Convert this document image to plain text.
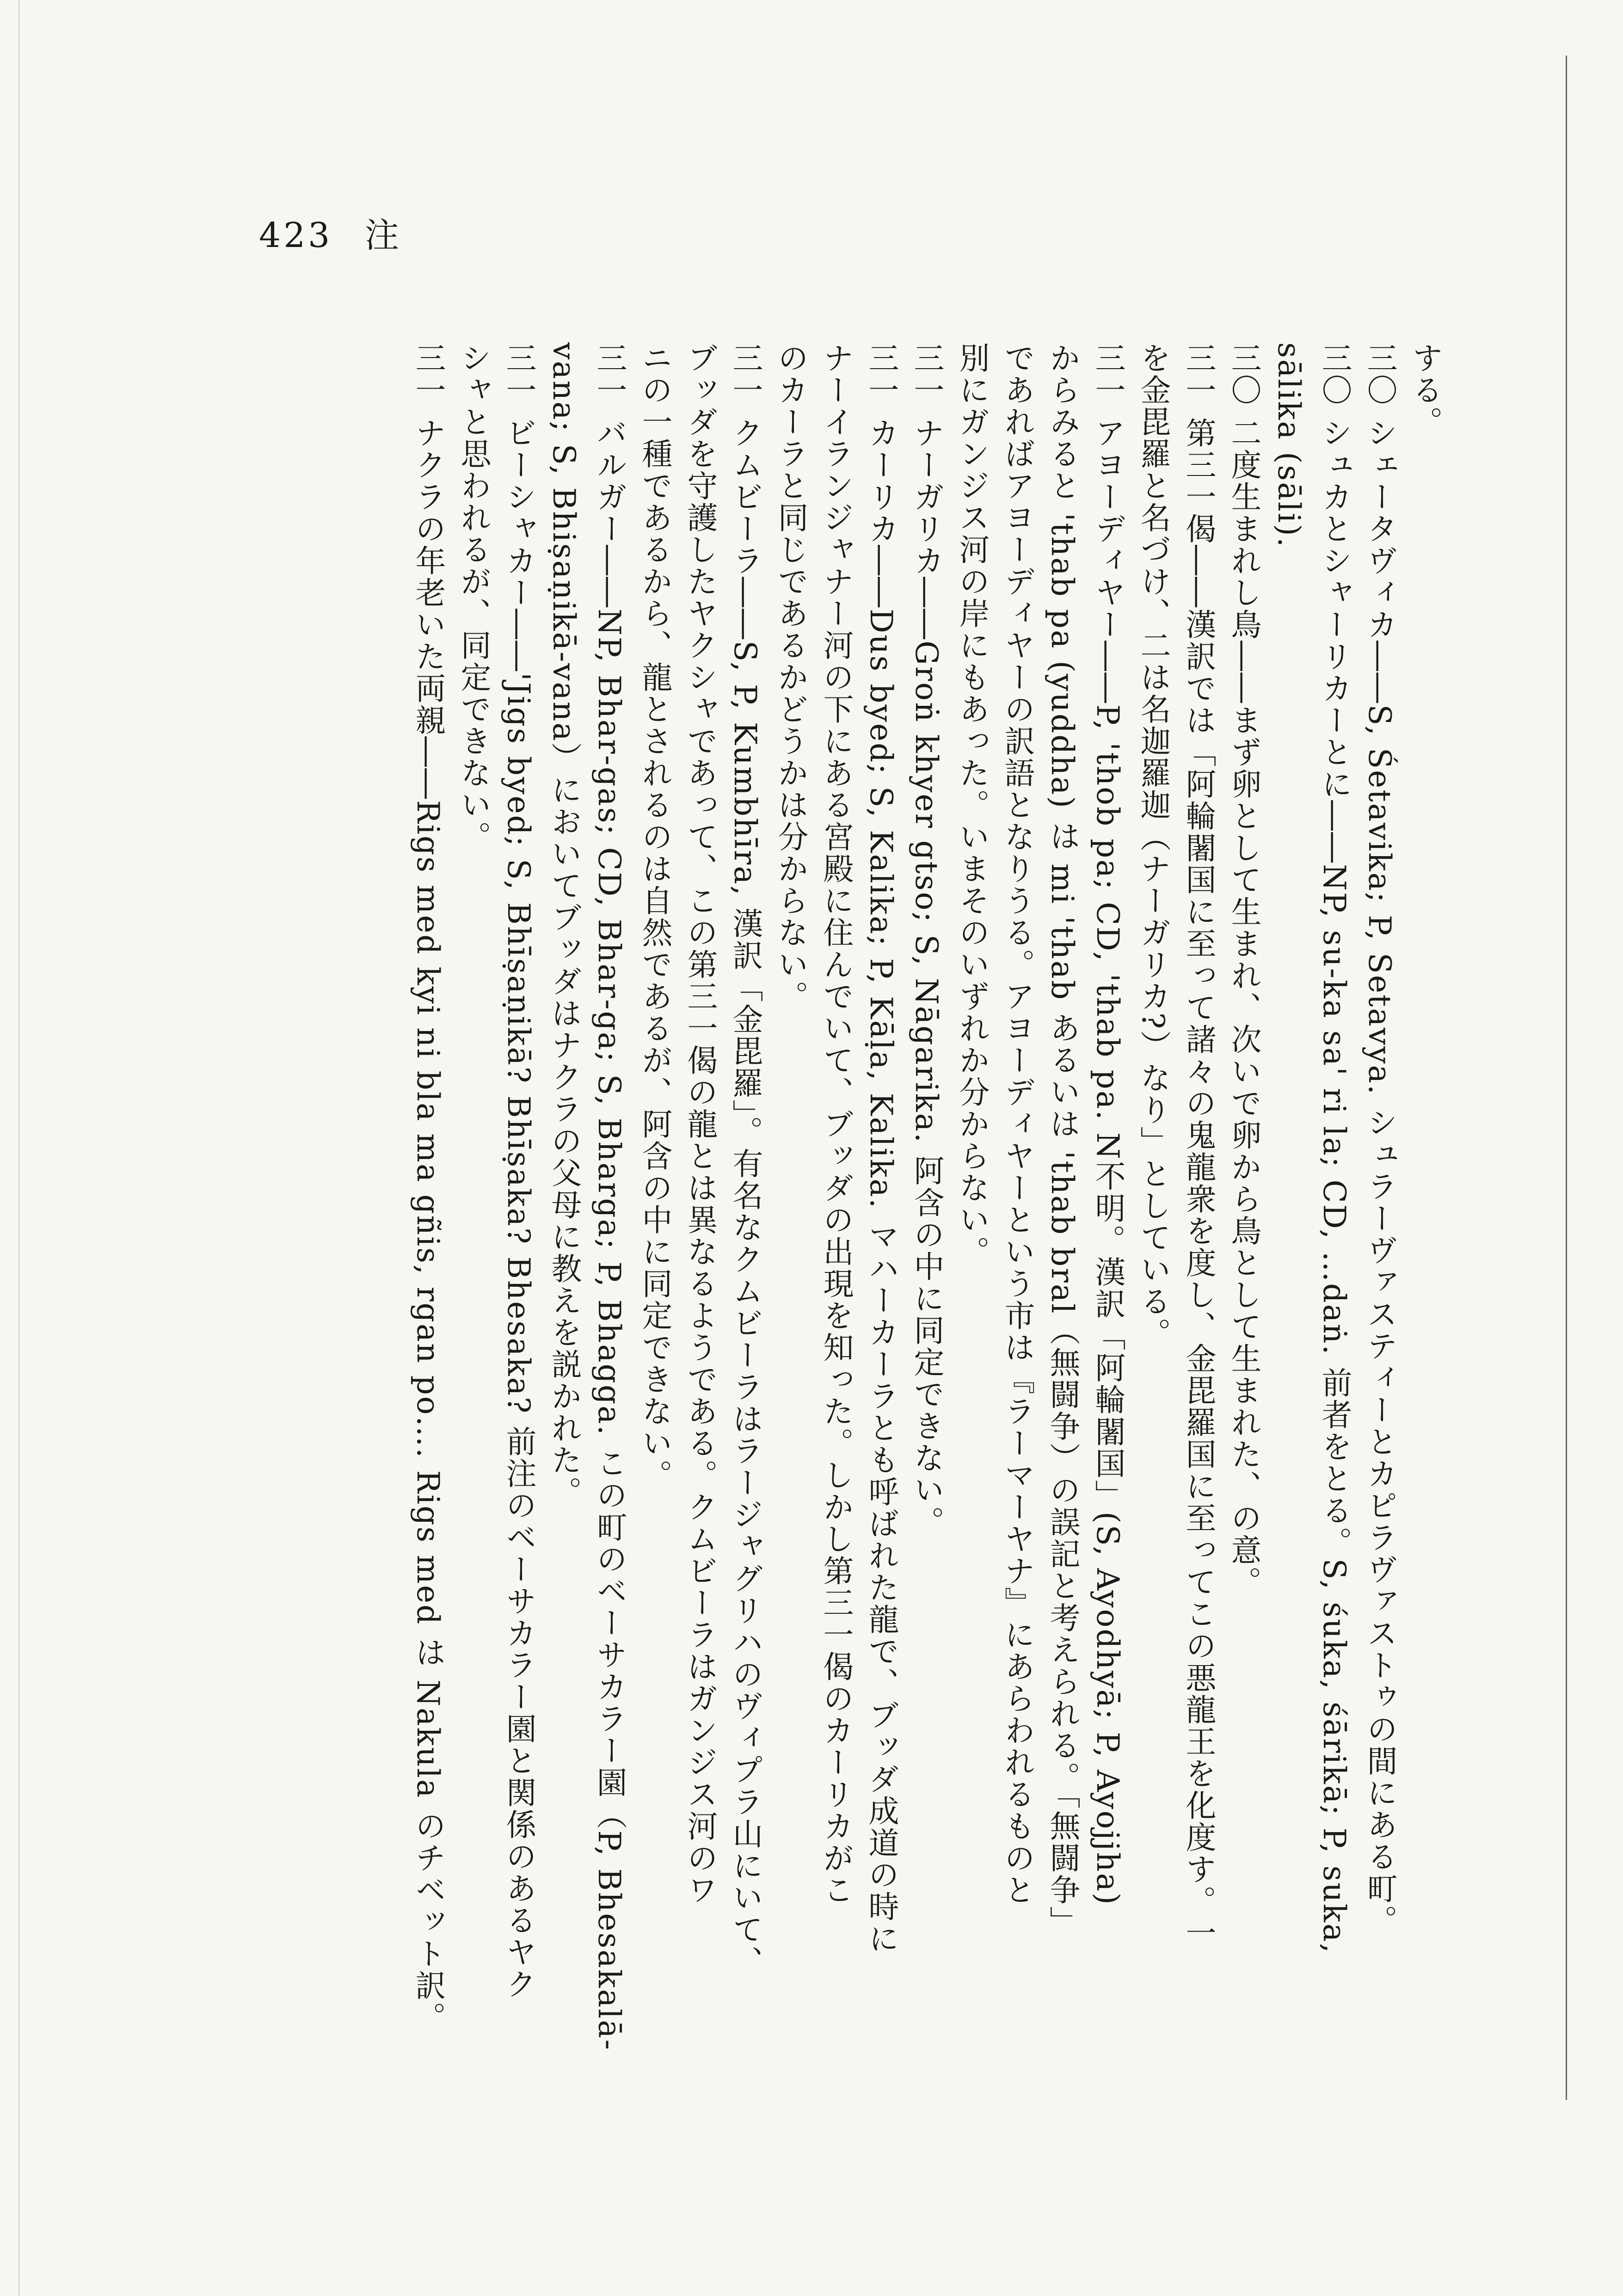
423 注

する。

三〇 シェータヴィカ――S, Śetavika; P, Setavya. シュラーヴァスティーとカピラヴァストゥの間にある町。

三〇 シュカとシャーリカーとに――NP, su-ka sa' ri la; CD, …daṅ. 前者をとる。S, śuka, śārikā; P, suka,

sālika (sāli).

三〇 二度生まれし鳥――まず卵として生まれ、次いで卵から鳥として生まれた、の意。

三一 第三一偈――漢訳では「阿輪闍国に至って諸々の鬼龍衆を度し、金毘羅国に至ってこの悪龍王を化度す。一

を金毘羅と名づけ、二は名迦羅迦（ナーガリカ?）なり」としている。

三一 アヨーディヤー――P, 'thob pa; CD, 'thab pa. N不明。漢訳「阿輪闍国」(S, Ayodhyā; P, Ayojjha)

からみると 'thab pa (yuddha) は mi 'thab あるいは 'thab bral（無闘争）の誤記と考えられる。「無闘争」

であればアヨーディヤーの訳語となりうる。アヨーディヤーという市は『ラーマーヤナ』にあらわれるものと

別にガンジス河の岸にもあった。いまそのいずれか分からない。

三一 ナーガリカ――Groṅ khyer gtso; S, Nāgarika. 阿含の中に同定できない。

三一 カーリカ――Dus byed; S, Kalika; P, Kāḷa, Kalika. マハーカーラとも呼ばれた龍で、ブッダ成道の時に

ナーイランジャナー河の下にある宮殿に住んでいて、ブッダの出現を知った。しかし第三一偈のカーリカがこ

のカーラと同じであるかどうかは分からない。

三一 クムビーラ――S, P, Kumbhīra, 漢訳「金毘羅」。有名なクムビーラはラージャグリハのヴィプラ山にいて、

ブッダを守護したヤクシャであって、この第三一偈の龍とは異なるようである。クムビーラはガンジス河のワ

ニの一種であるから、龍とされるのは自然であるが、阿含の中に同定できない。

三一 バルガー――NP, Bhar-gas; CD, Bhar-ga; S, Bharga; P, Bhagga. この町のベーサカラー園（P, Bhesakalā-

vana; S, Bhiṣaṇikā-vana）においてブッダはナクラの父母に教えを説かれた。

三一 ビーシャカー――'Jigs byed; S, Bhīṣaṇikā? Bhīṣaka? Bhesaka? 前注のベーサカラー園と関係のあるヤク

シャと思われるが、同定できない。

三一 ナクラの年老いた両親――Rigs med kyi ni bla ma gñis, rgan po…. Rigs med は Nakula のチベット訳。
